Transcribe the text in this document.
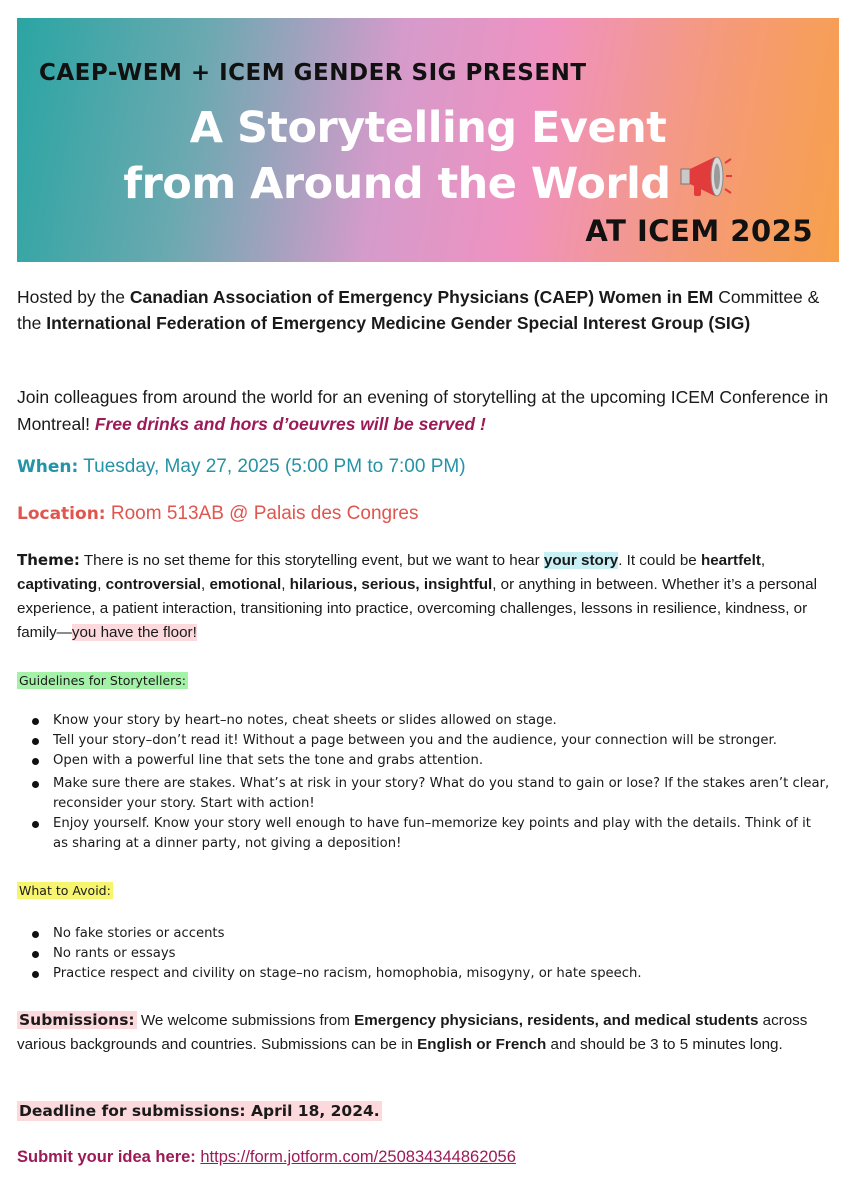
CAEP-WEM + ICEM GENDER SIG PRESENT
A Storytelling Event
from Around the World
AT ICEM 2025

Hosted by the Canadian Association of Emergency Physicians (CAEP) Women in EM Committee & the International Federation of Emergency Medicine Gender Special Interest Group (SIG)

Join colleagues from around the world for an evening of storytelling at the upcoming ICEM Conference in Montreal! Free drinks and hors d’oeuvres will be served !

When: Tuesday, May 27, 2025 (5:00 PM to 7:00 PM)
Location: Room 513AB @ Palais des Congres

Theme: There is no set theme for this storytelling event, but we want to hear your story. It could be heartfelt, captivating, controversial, emotional, hilarious, serious, insightful, or anything in between. Whether it’s a personal experience, a patient interaction, transitioning into practice, overcoming challenges, lessons in resilience, kindness, or family—you have the floor!

Guidelines for Storytellers:
Know your story by heart–no notes, cheat sheets or slides allowed on stage.
Tell your story–don’t read it! Without a page between you and the audience, your connection will be stronger.
Open with a powerful line that sets the tone and grabs attention.
Make sure there are stakes. What’s at risk in your story? What do you stand to gain or lose? If the stakes aren’t clear, reconsider your story. Start with action!
Enjoy yourself. Know your story well enough to have fun–memorize key points and play with the details. Think of it as sharing at a dinner party, not giving a deposition!
What to Avoid:
No fake stories or accents
No rants or essays
Practice respect and civility on stage–no racism, homophobia, misogyny, or hate speech.

Submissions: We welcome submissions from Emergency physicians, residents, and medical students across various backgrounds and countries. Submissions can be in English or French and should be 3 to 5 minutes long.

Deadline for submissions: April 18, 2024.
Submit your idea here: https://form.jotform.com/250834344862056
